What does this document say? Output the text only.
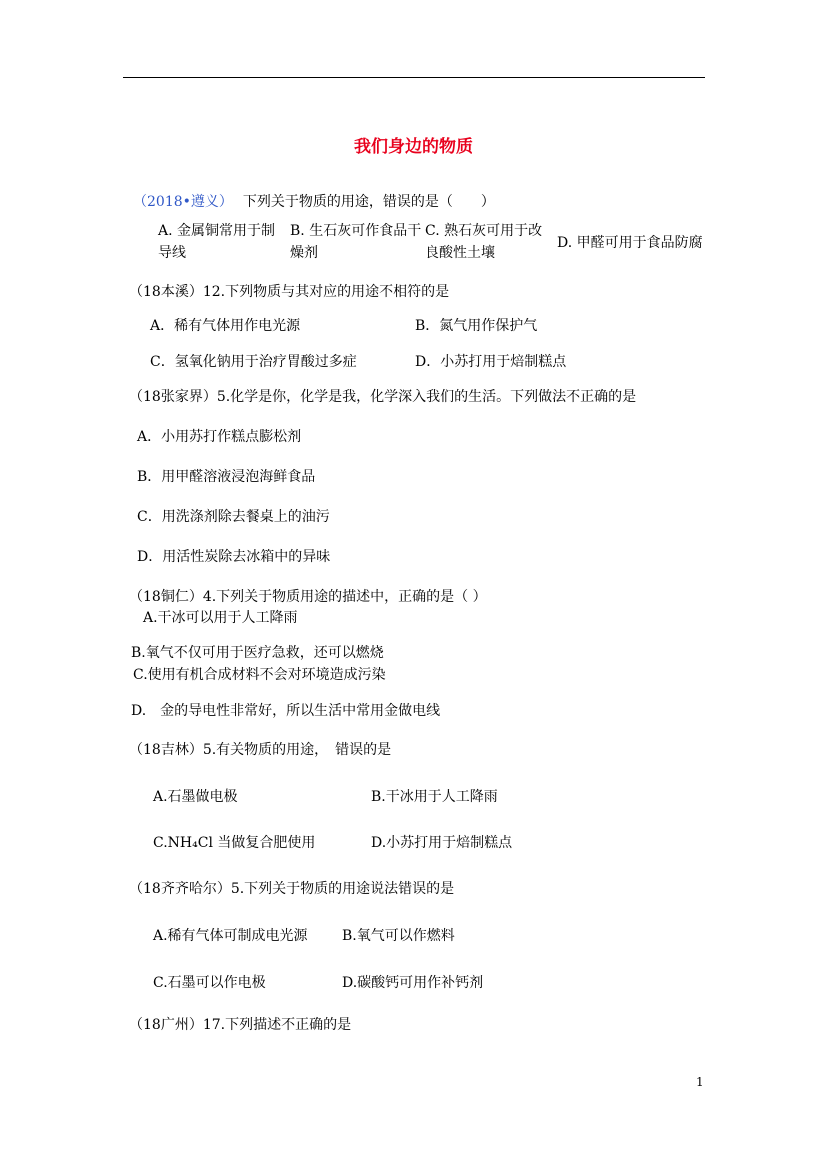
我们身边的物质
（2018•遵义） 下列关于物质的用途，错误的是（　　）
A. 金属铜常用于制导线
B. 生石灰可作食品干燥剂
C. 熟石灰可用于改良酸性土壤
D. 甲醛可用于食品防腐
（18本溪）12.下列物质与其对应的用途不相符的是
A．稀有气体用作电光源	B．氮气用作保护气
C．氢氧化钠用于治疗胃酸过多症	D．小苏打用于焙制糕点
（18张家界）5.化学是你，化学是我，化学深入我们的生活。下列做法不正确的是
A．小用苏打作糕点膨松剂
B．用甲醛溶液浸泡海鲜食品
C．用洗涤剂除去餐桌上的油污
D．用活性炭除去冰箱中的异味
（18铜仁）4.下列关于物质用途的描述中，正确的是（ ）
A.干冰可以用于人工降雨
B.氧气不仅可用于医疗急救，还可以燃烧
C.使用有机合成材料不会对环境造成污染
D.　金的导电性非常好，所以生活中常用金做电线
（18吉林）5.有关物质的用途，　错误的是
A.石墨做电极	B.干冰用于人工降雨
C.NH₄Cl 当做复合肥使用	D.小苏打用于焙制糕点
（18齐齐哈尔）5.下列关于物质的用途说法错误的是
A.稀有气体可制成电光源 B.氧气可以作燃料
C.石墨可以作电极	D.碳酸钙可用作补钙剂
（18广州）17.下列描述不正确的是
1
